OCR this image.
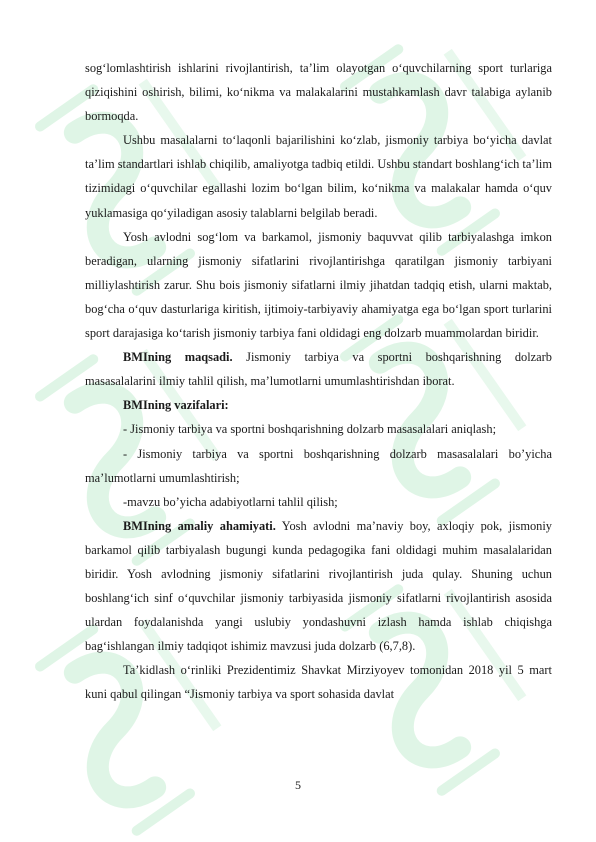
sog‘lomlashtirish ishlarini rivojlantirish, ta’lim olayotgan o‘quvchilarning sport turlariga qiziqishini oshirish, bilimi, ko‘nikma va malakalarini mustahkamlash davr talabiga aylanib bormoqda.

Ushbu masalalarni to‘laqonli bajarilishini ko‘zlab, jismoniy tarbiya bo‘yicha davlat ta’lim standartlari ishlab chiqilib, amaliyotga tadbiq etildi. Ushbu standart boshlang‘ich ta’lim tizimidagi o‘quvchilar egallashi lozim bo‘lgan bilim, ko‘nikma va malakalar hamda o‘quv yuklamasiga qo‘yiladigan asosiy talablarni belgilab beradi.

Yosh avlodni sog‘lom va barkamol, jismoniy baquvvat qilib tarbiyalashga imkon beradigan, ularning jismoniy sifatlarini rivojlantirishga qaratilgan jismoniy tarbiyani milliylashtirish zarur. Shu bois jismoniy sifatlarni ilmiy jihatdan tadqiq etish, ularni maktab, bog‘cha o‘quv dasturlariga kiritish, ijtimoiy-tarbiyaviy ahamiyatga ega bo‘lgan sport turlarini sport darajasiga ko‘tarish jismoniy tarbiya fani oldidagi eng dolzarb muammolardan biridir.

BMIning maqsadi. Jismoniy tarbiya va sportni boshqarishning dolzarb masasalalarini ilmiy tahlil qilish, ma’lumotlarni umumlashtirishdan iborat.

BMIning vazifalari:

- Jismoniy tarbiya va sportni boshqarishning dolzarb masasalalari aniqlash;

- Jismoniy tarbiya va sportni boshqarishning dolzarb masasalalari bo’yicha ma’lumotlarni umumlashtirish;

-mavzu bo’yicha adabiyotlarni tahlil qilish;

BMIning amaliy ahamiyati. Yosh avlodni ma’naviy boy, axloqiy pok, jismoniy barkamol qilib tarbiyalash bugungi kunda pedagogika fani oldidagi muhim masalalaridan biridir. Yosh avlodning jismoniy sifatlarini rivojlantirish juda qulay. Shuning uchun boshlang‘ich sinf o‘quvchilar jismoniy tarbiyasida jismoniy sifatlarni rivojlantirish asosida ulardan foydalanishda yangi uslubiy yondashuvni izlash hamda ishlab chiqishga bag‘ishlangan ilmiy tadqiqot ishimiz mavzusi juda dolzarb (6,7,8).

Ta’kidlash o‘rinliki Prezidentimiz Shavkat Mirziyoyev tomonidan 2018 yil 5 mart kuni qabul qilingan “Jismoniy tarbiya va sport sohasida davlat

5
